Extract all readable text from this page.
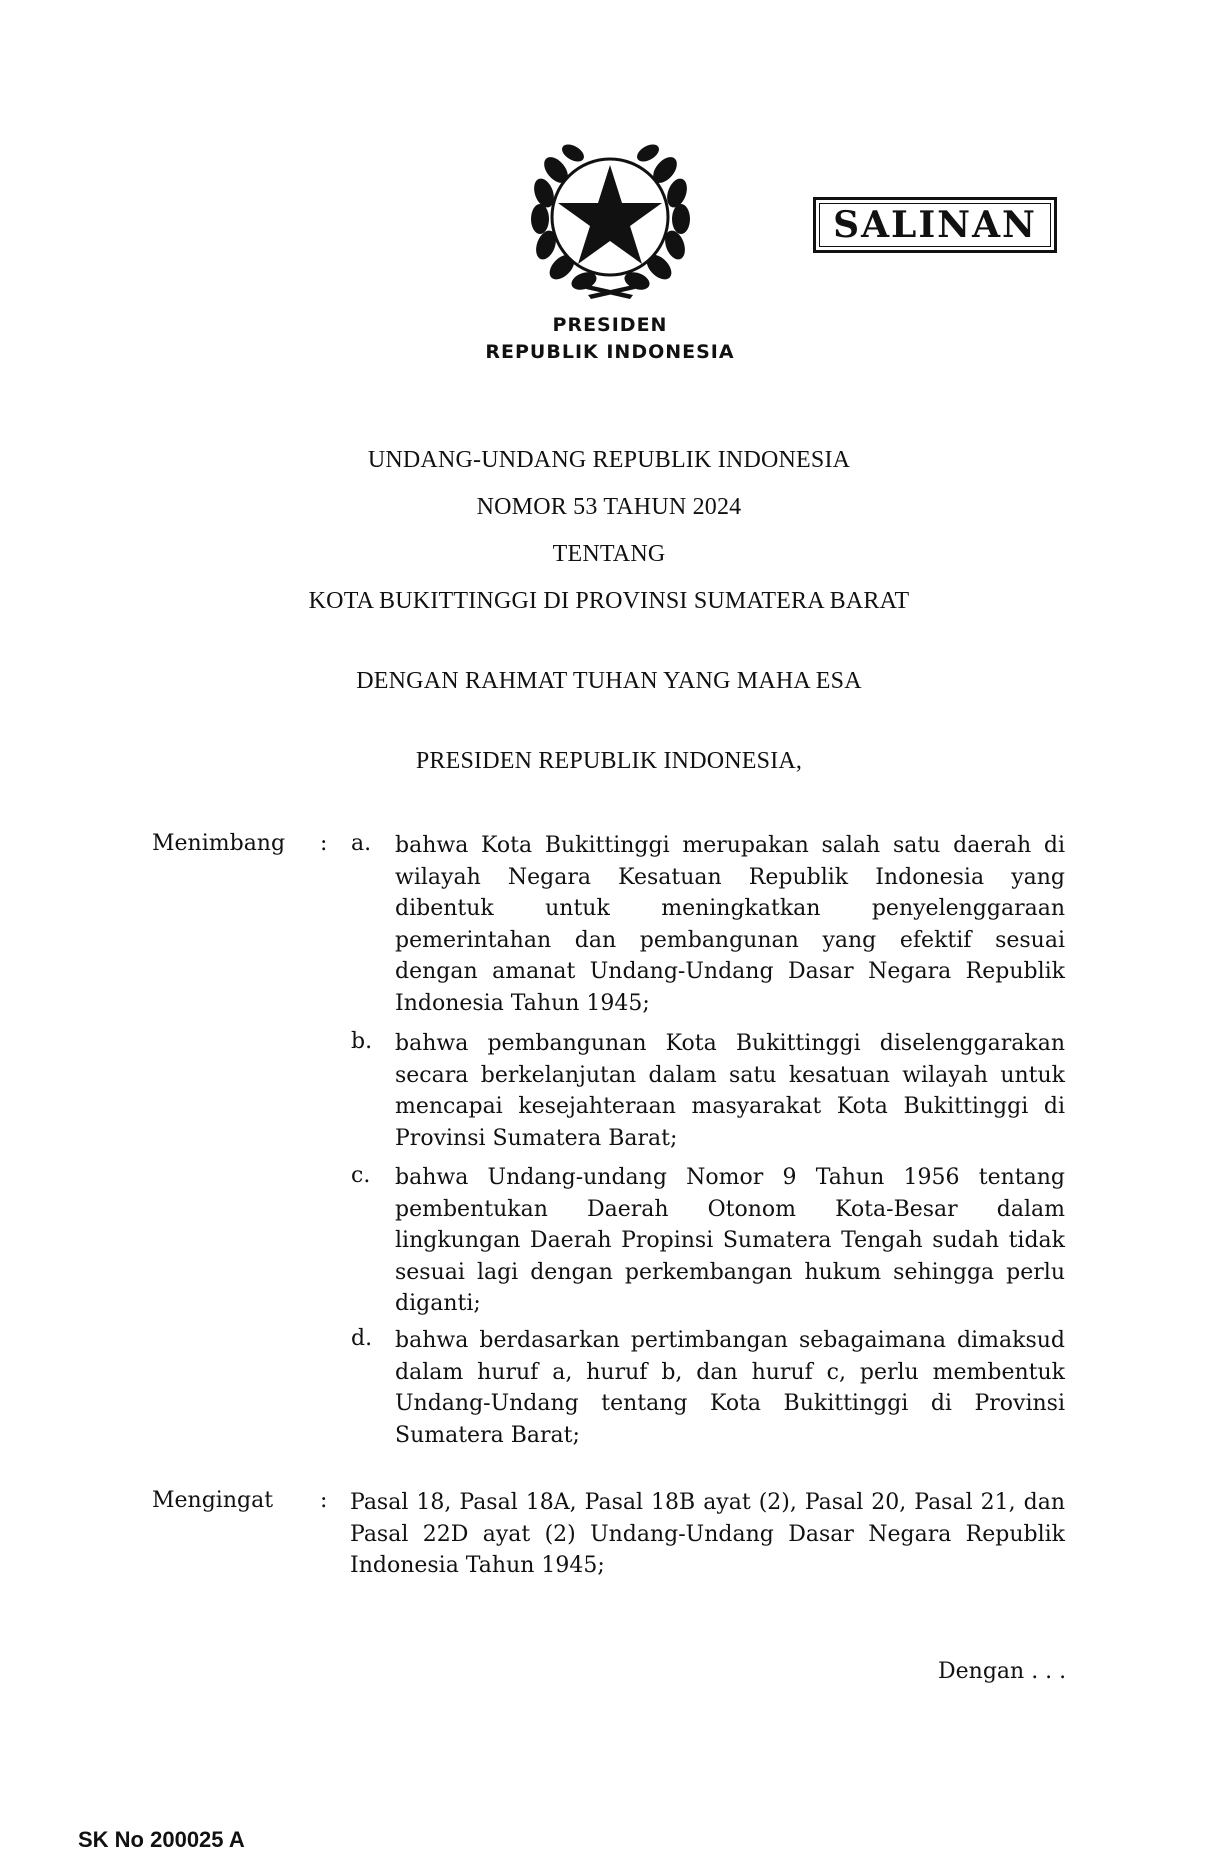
SALINAN
PRESIDEN
REPUBLIK INDONESIA
UNDANG-UNDANG REPUBLIK INDONESIA
NOMOR 53 TAHUN 2024
TENTANG
KOTA BUKITTINGGI DI PROVINSI SUMATERA BARAT
DENGAN RAHMAT TUHAN YANG MAHA ESA
PRESIDEN REPUBLIK INDONESIA,
Menimbang : a. bahwa Kota Bukittinggi merupakan salah satu daerah di wilayah Negara Kesatuan Republik Indonesia yang dibentuk untuk meningkatkan penyelenggaraan pemerintahan dan pembangunan yang efektif sesuai dengan amanat Undang-Undang Dasar Negara Republik Indonesia Tahun 1945;
b. bahwa pembangunan Kota Bukittinggi diselenggarakan secara berkelanjutan dalam satu kesatuan wilayah untuk mencapai kesejahteraan masyarakat Kota Bukittinggi di Provinsi Sumatera Barat;
c. bahwa Undang-undang Nomor 9 Tahun 1956 tentang pembentukan Daerah Otonom Kota-Besar dalam lingkungan Daerah Propinsi Sumatera Tengah sudah tidak sesuai lagi dengan perkembangan hukum sehingga perlu diganti;
d. bahwa berdasarkan pertimbangan sebagaimana dimaksud dalam huruf a, huruf b, dan huruf c, perlu membentuk Undang-Undang tentang Kota Bukittinggi di Provinsi Sumatera Barat;
Mengingat : Pasal 18, Pasal 18A, Pasal 18B ayat (2), Pasal 20, Pasal 21, dan Pasal 22D ayat (2) Undang-Undang Dasar Negara Republik Indonesia Tahun 1945;
Dengan . . .
SK No 200025 A
